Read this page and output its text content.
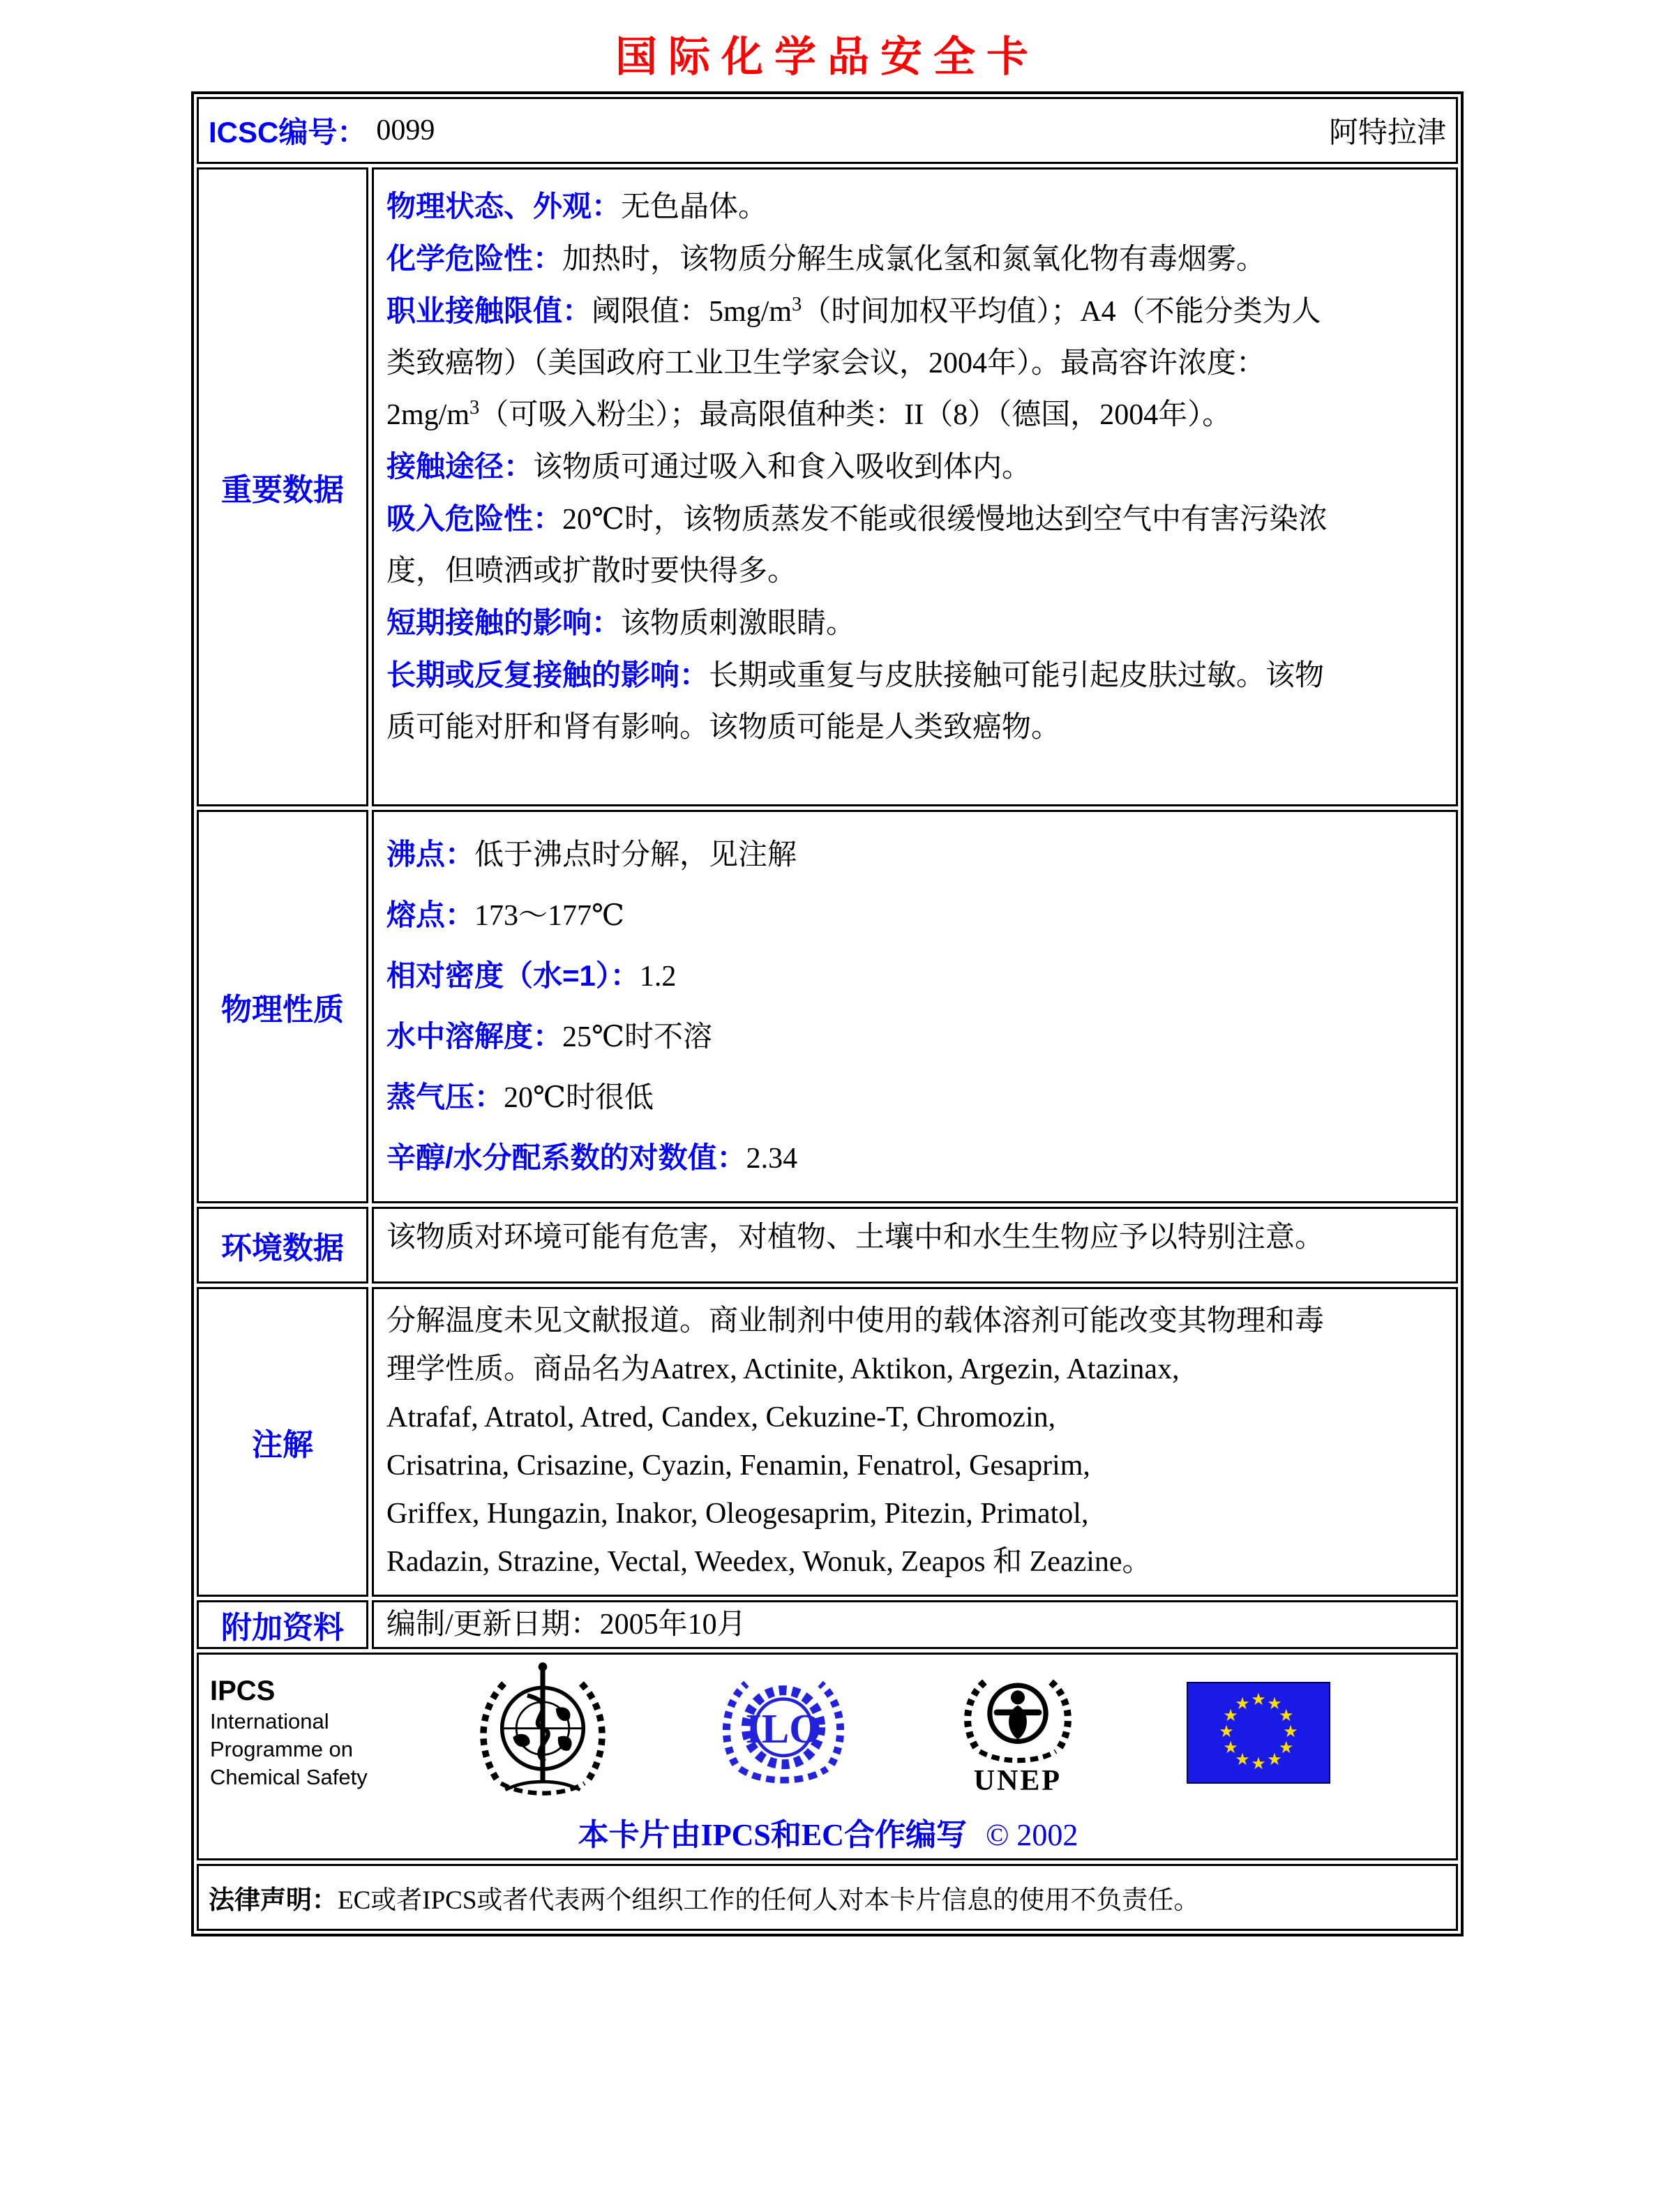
国际化学品安全卡
ICSC编号： 0099	阿特拉津
重要数据
物理状态、外观：无色晶体。
化学危险性：加热时，该物质分解生成氯化氢和氮氧化物有毒烟雾。
职业接触限值：阈限值：$5mg/m^3$（时间加权平均值）；A4（不能分类为人
类致癌物）（美国政府工业卫生学家会议，2004年）。最高容许浓度：
$2mg/m^3$（可吸入粉尘）；最高限值种类：II（8）（德国，2004年）。
接触途径：该物质可通过吸入和食入吸收到体内。
吸入危险性：20℃时，该物质蒸发不能或很缓慢地达到空气中有害污染浓
度，但喷洒或扩散时要快得多。
短期接触的影响：该物质刺激眼睛。
长期或反复接触的影响：长期或重复与皮肤接触可能引起皮肤过敏。该物
质可能对肝和肾有影响。该物质可能是人类致癌物。
物理性质
沸点：低于沸点时分解，见注解
熔点：173～177℃
相对密度（水=1）：1.2
水中溶解度：25℃时不溶
蒸气压：20℃时很低
辛醇/水分配系数的对数值：2.34
环境数据 该物质对环境可能有危害，对植物、土壤中和水生生物应予以特别注意。
注解
分解温度未见文献报道。商业制剂中使用的载体溶剂可能改变其物理和毒
理学性质。商品名为Aatrex, Actinite, Aktikon, Argezin, Atazinax,
Atrafaf, Atratol, Atred, Candex, Cekuzine-T, Chromozin,
Crisatrina, Crisazine, Cyazin, Fenamin, Fenatrol, Gesaprim,
Griffex, Hungazin, Inakor, Oleogesaprim, Pitezin, Primatol,
Radazin, Strazine, Vectal, Weedex, Wonuk, Zeapos 和 Zeazine。
附加资料 编制/更新日期：2005年10月
IPCS
International
Programme on
Chemical Safety
ILO
UNEP
★ ★
★
★
★
★
★
★
★
★
★
★
本卡片由IPCS和EC合作编写 © 2002
法律声明： EC或者IPCS或者代表两个组织工作的任何人对本卡片信息的使用不负责任。
